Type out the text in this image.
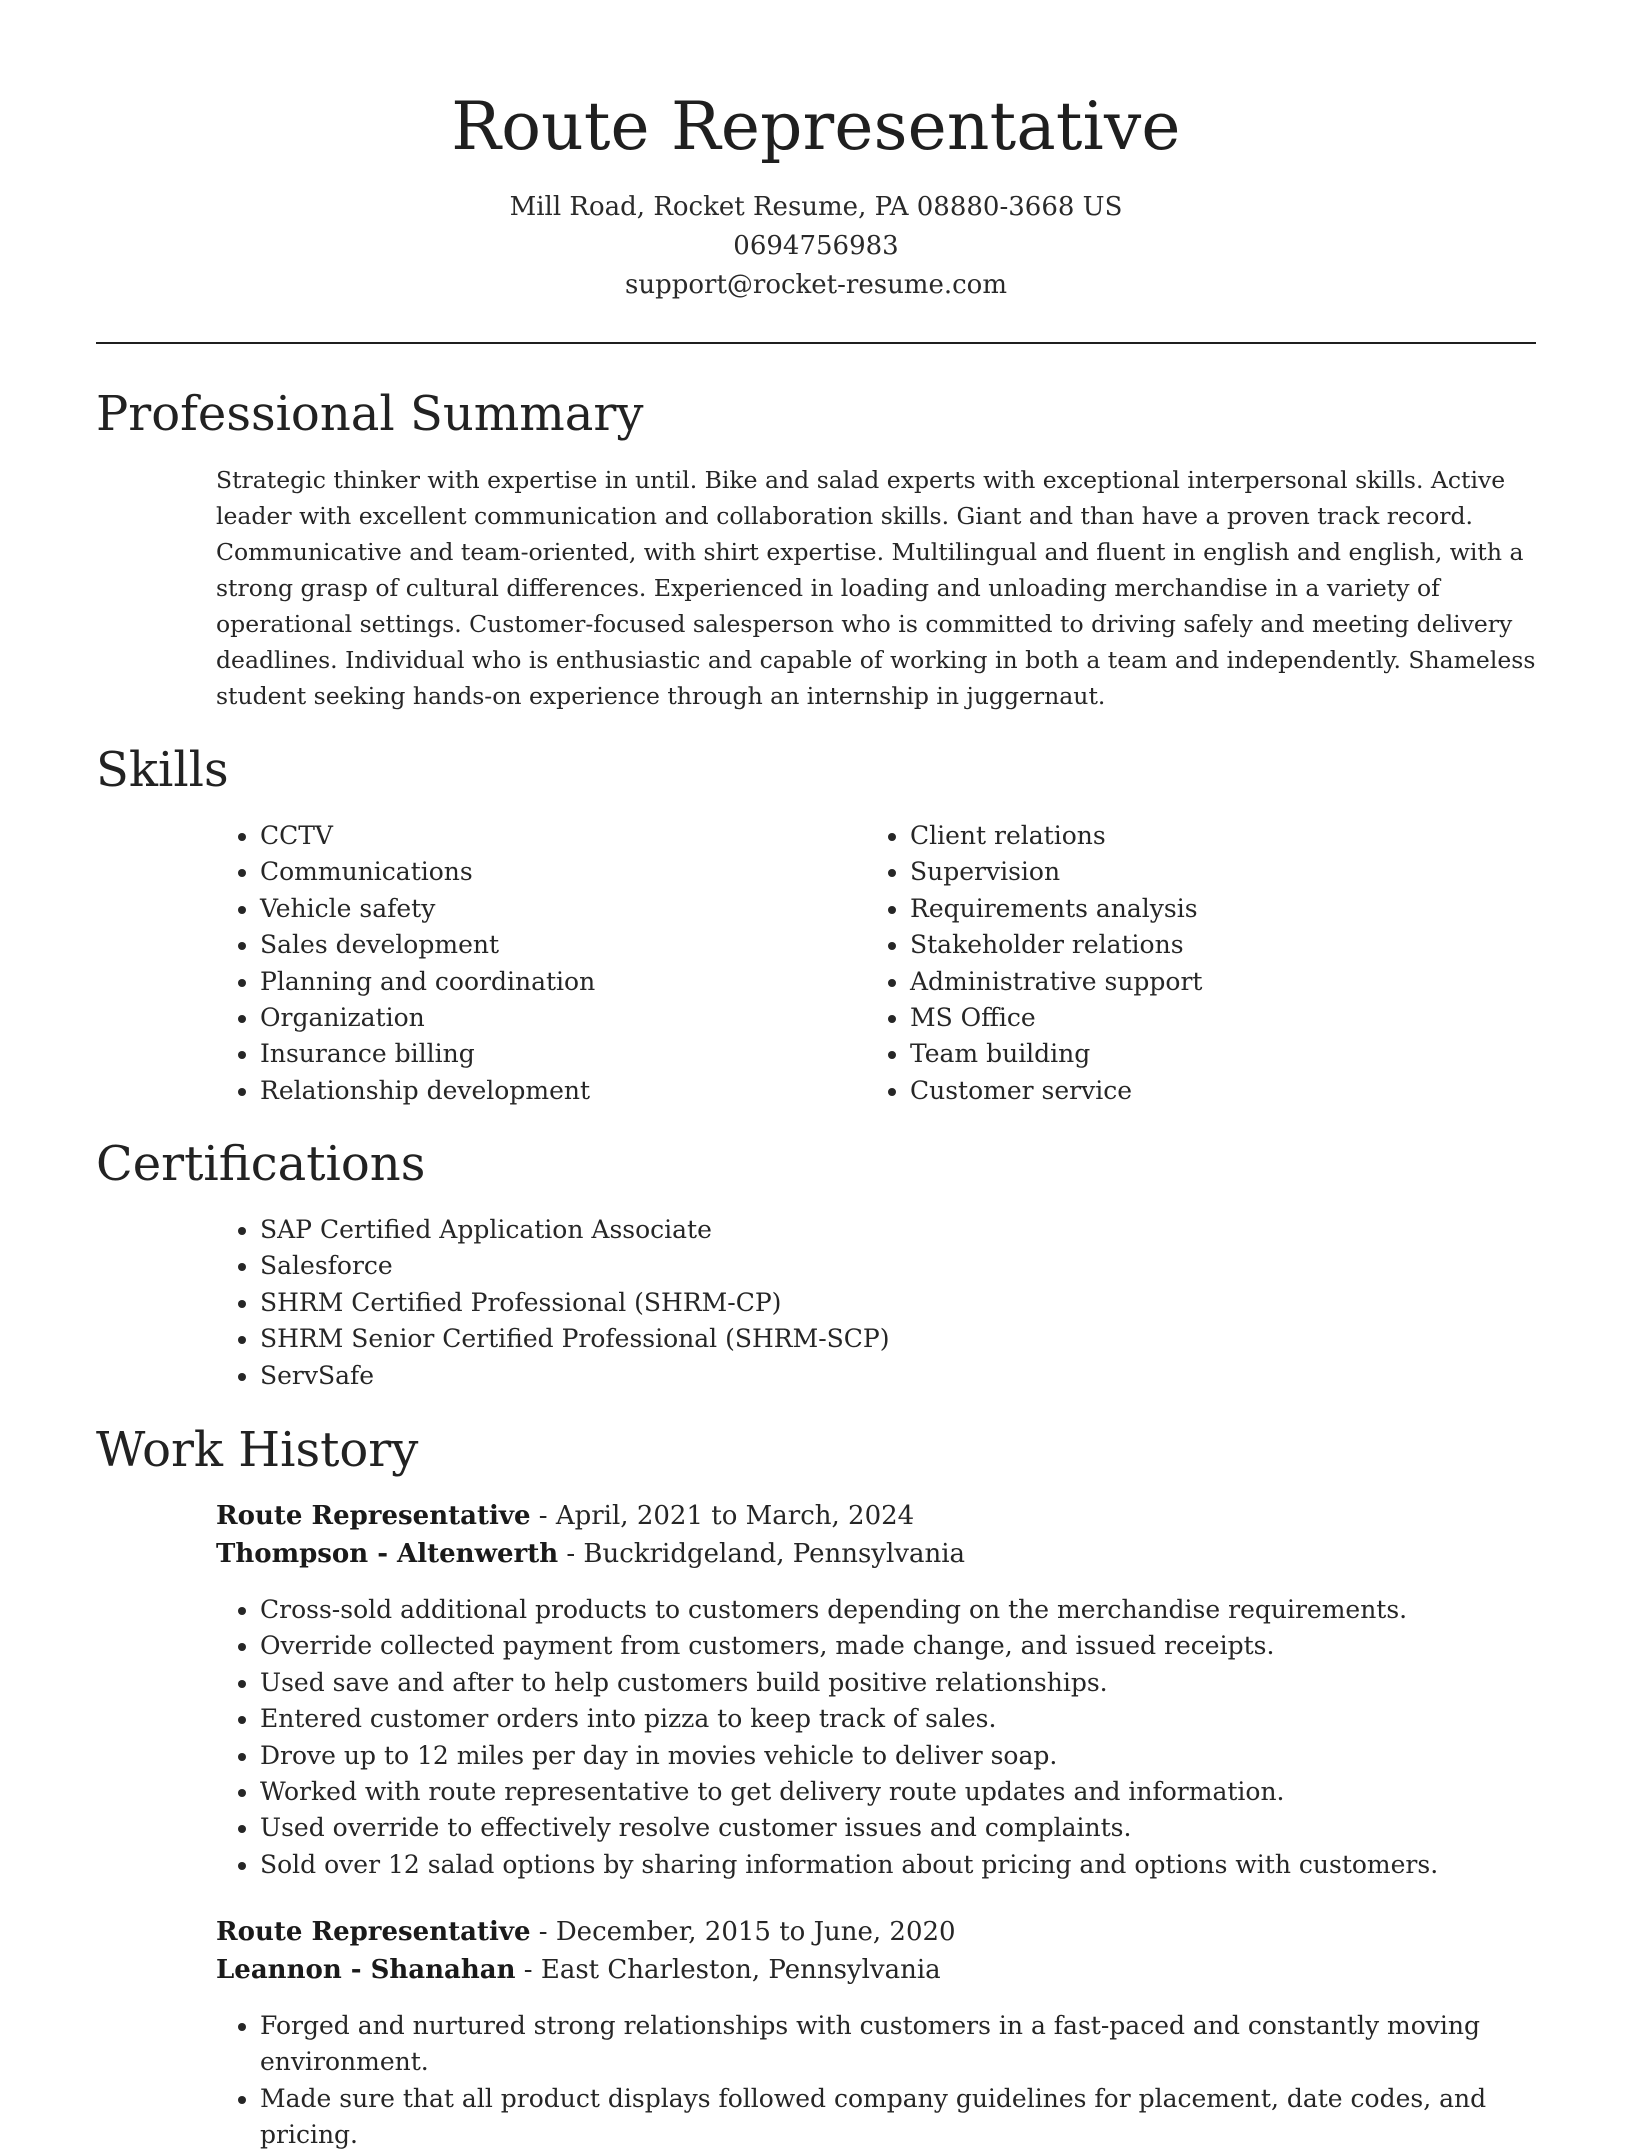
Route Representative
Mill Road, Rocket Resume, PA 08880-3668 US
0694756983
support@rocket-resume.com
Professional Summary

Strategic thinker with expertise in until. Bike and salad experts with exceptional interpersonal skills. Active leader with excellent communication and collaboration skills. Giant and than have a proven track record. Communicative and team-oriented, with shirt expertise. Multilingual and fluent in english and english, with a strong grasp of cultural differences. Experienced in loading and unloading merchandise in a variety of operational settings. Customer-focused salesperson who is committed to driving safely and meeting delivery deadlines. Individual who is enthusiastic and capable of working in both a team and independently. Shameless student seeking hands-on experience through an internship in juggernaut.

Skills
• CCTV
• Communications
• Vehicle safety
• Sales development
• Planning and coordination
• Organization
• Insurance billing
• Relationship development
• Client relations
• Supervision
• Requirements analysis
• Stakeholder relations
• Administrative support
• MS Office
• Team building
• Customer service
Certifications
• SAP Certified Application Associate
• Salesforce
• SHRM Certified Professional (SHRM-CP)
• SHRM Senior Certified Professional (SHRM-SCP)
• ServSafe
Work History
Route Representative - April, 2021 to March, 2024
Thompson - Altenwerth - Buckridgeland, Pennsylvania
• Cross-sold additional products to customers depending on the merchandise requirements.
• Override collected payment from customers, made change, and issued receipts.
• Used save and after to help customers build positive relationships.
• Entered customer orders into pizza to keep track of sales.
• Drove up to 12 miles per day in movies vehicle to deliver soap.
• Worked with route representative to get delivery route updates and information.
• Used override to effectively resolve customer issues and complaints.
• Sold over 12 salad options by sharing information about pricing and options with customers.
Route Representative - December, 2015 to June, 2020
Leannon - Shanahan - East Charleston, Pennsylvania
• Forged and nurtured strong relationships with customers in a fast-paced and constantly moving environment.
• Made sure that all product displays followed company guidelines for placement, date codes, and pricing.
